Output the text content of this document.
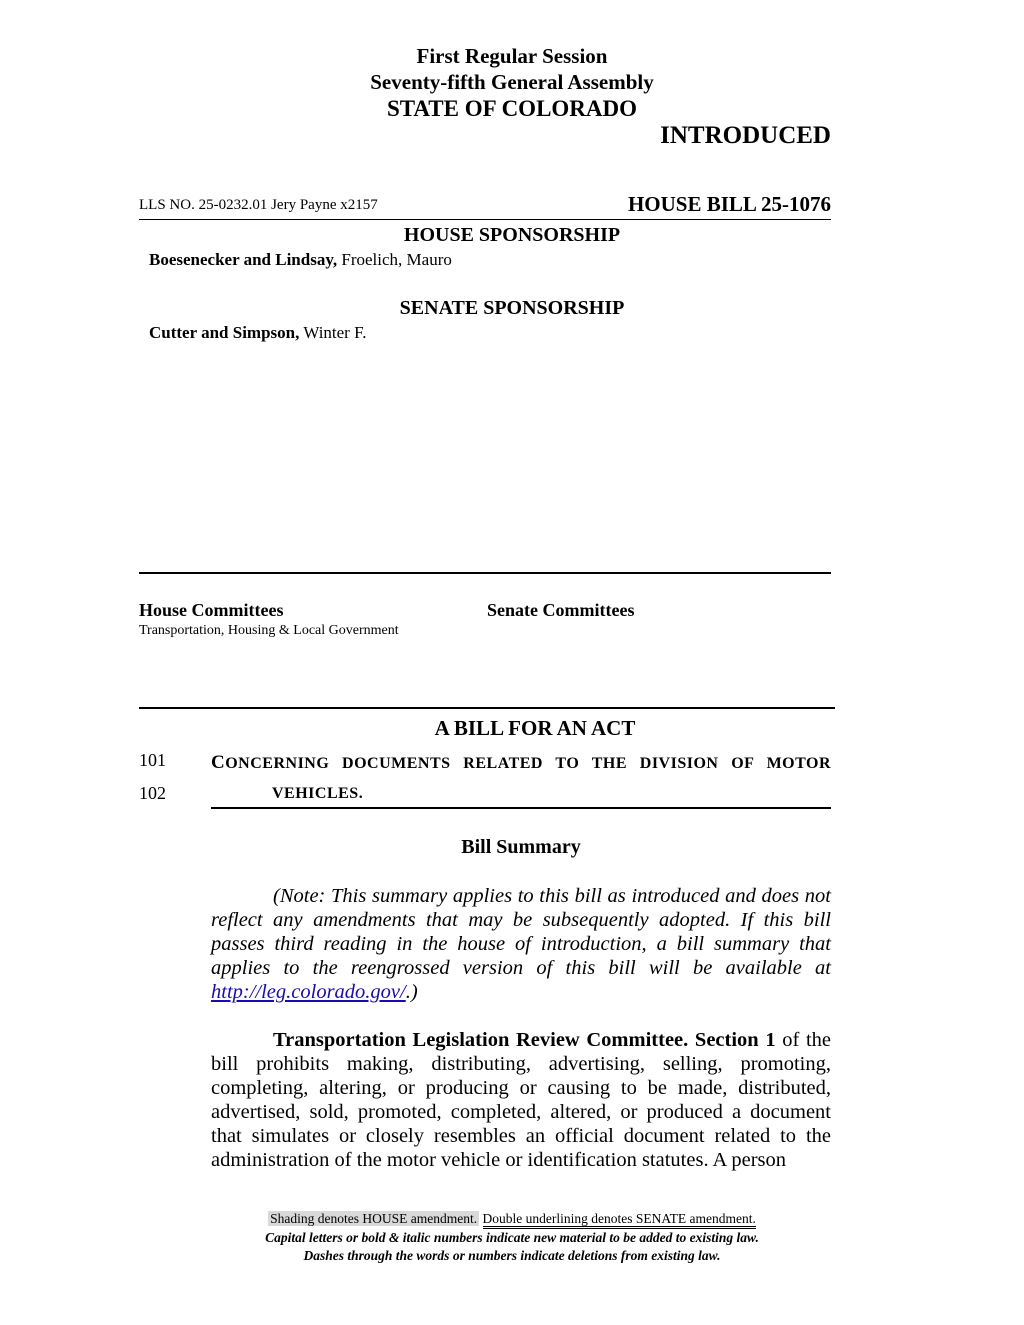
First Regular Session
Seventy-fifth General Assembly
STATE OF COLORADO
INTRODUCED
LLS NO. 25-0232.01 Jery Payne x2157	HOUSE BILL 25-1076
HOUSE SPONSORSHIP
Boesenecker and Lindsay, Froelich, Mauro
SENATE SPONSORSHIP
Cutter and Simpson, Winter F.
House Committees
Transportation, Housing & Local Government
Senate Committees
A BILL FOR AN ACT
101 CONCERNING DOCUMENTS RELATED TO THE DIVISION OF MOTOR
102	VEHICLES.
Bill Summary

(Note: This summary applies to this bill as introduced and does not reflect any amendments that may be subsequently adopted. If this bill passes third reading in the house of introduction, a bill summary that applies to the reengrossed version of this bill will be available at http://leg.colorado.gov/.)

Transportation Legislation Review Committee. Section 1 of the bill prohibits making, distributing, advertising, selling, promoting, completing, altering, or producing or causing to be made, distributed, advertised, sold, promoted, completed, altered, or produced a document that simulates or closely resembles an official document related to the administration of the motor vehicle or identification statutes. A person

Shading denotes HOUSE amendment. Double underlining denotes SENATE amendment.
Capital letters or bold & italic numbers indicate new material to be added to existing law.
Dashes through the words or numbers indicate deletions from existing law.
